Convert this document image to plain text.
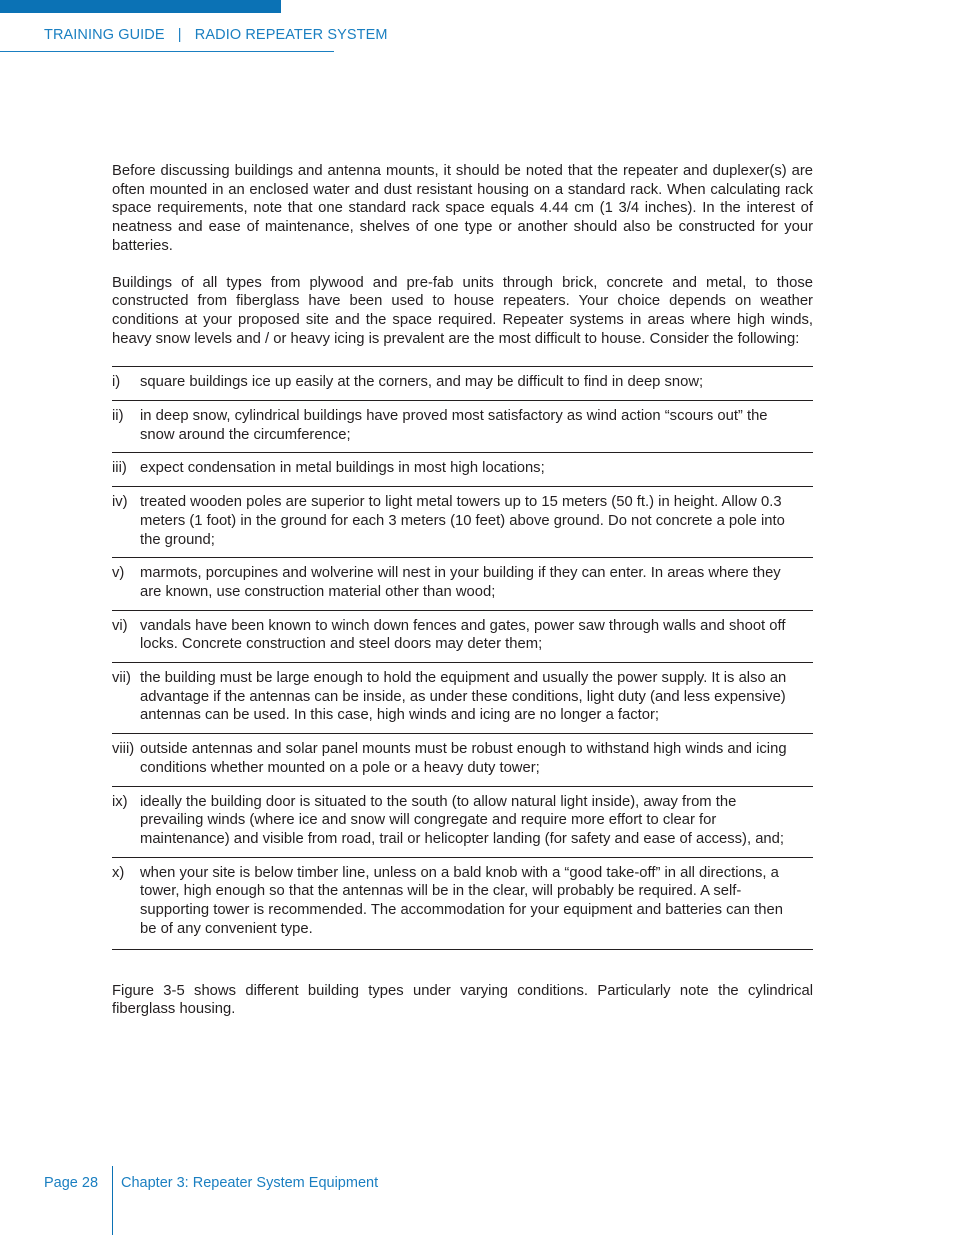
TRAINING GUIDE | RADIO REPEATER SYSTEM

Before discussing buildings and antenna mounts, it should be noted that the repeater and duplexer(s) are often mounted in an enclosed water and dust resistant housing on a standard rack. When calculating rack space requirements, note that one standard rack space equals 4.44 cm (1 3/4 inches). In the interest of neatness and ease of maintenance, shelves of one type or another should also be constructed for your batteries.

Buildings of all types from plywood and pre-fab units through brick, concrete and metal, to those constructed from fiberglass have been used to house repeaters. Your choice depends on weather conditions at your proposed site and the space required. Repeater systems in areas where high winds, heavy snow levels and / or heavy icing is prevalent are the most difficult to house. Consider the following:

i)	square buildings ice up easily at the corners, and may be difficult to find in deep snow;
ii)	in deep snow, cylindrical buildings have proved most satisfactory as wind action “scours out” the snow around the circumference;
iii) expect condensation in metal buildings in most high locations;
iv) treated wooden poles are superior to light metal towers up to 15 meters (50 ft.) in height. Allow 0.3 meters (1 foot) in the ground for each 3 meters (10 feet) above ground. Do not concrete a pole into the ground;
v)	marmots, porcupines and wolverine will nest in your building if they can enter. In areas where they are known, use construction material other than wood;
vi) vandals have been known to winch down fences and gates, power saw through walls and shoot off locks. Concrete construction and steel doors may deter them;
vii) the building must be large enough to hold the equipment and usually the power supply. It is also an advantage if the antennas can be inside, as under these conditions, light duty (and less expensive) antennas can be used. In this case, high winds and icing are no longer a factor;
viii) outside antennas and solar panel mounts must be robust enough to withstand high winds and icing conditions whether mounted on a pole or a heavy duty tower;
ix) ideally the building door is situated to the south (to allow natural light inside), away from the prevailing winds (where ice and snow will congregate and require more effort to clear for maintenance) and visible from road, trail or helicopter landing (for safety and ease of access), and;
x)	when your site is below timber line, unless on a bald knob with a “good take-off” in all directions, a tower, high enough so that the antennas will be in the clear, will probably be required. A self-supporting tower is recommended. The accommodation for your equipment and batteries can then be of any convenient type.

Figure 3-5 shows different building types under varying conditions. Particularly note the cylindrical fiberglass housing.

Page 28 Chapter 3: Repeater System Equipment
